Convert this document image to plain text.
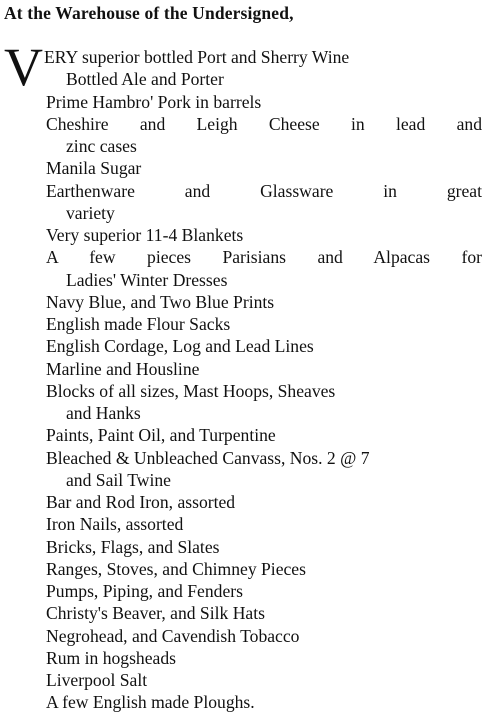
At the Warehouse of the Undersigned,
V ERY superior bottled Port and Sherry Wine
Bottled Ale and Porter
Prime Hambro' Pork in barrels
Cheshire and Leigh Cheese in lead and
zinc cases
Manila Sugar
Earthenware and Glassware in great
variety
Very superior 11-4 Blankets
A few pieces Parisians and Alpacas for
Ladies' Winter Dresses
Navy Blue, and Two Blue Prints
English made Flour Sacks
English Cordage, Log and Lead Lines
Marline and Housline
Blocks of all sizes, Mast Hoops, Sheaves
and Hanks
Paints, Paint Oil, and Turpentine
Bleached & Unbleached Canvass, Nos. 2 @ 7
and Sail Twine
Bar and Rod Iron, assorted
Iron Nails, assorted
Bricks, Flags, and Slates
Ranges, Stoves, and Chimney Pieces
Pumps, Piping, and Fenders
Christy's Beaver, and Silk Hats
Negrohead, and Cavendish Tobacco
Rum in hogsheads
Liverpool Salt
A few English made Ploughs.
